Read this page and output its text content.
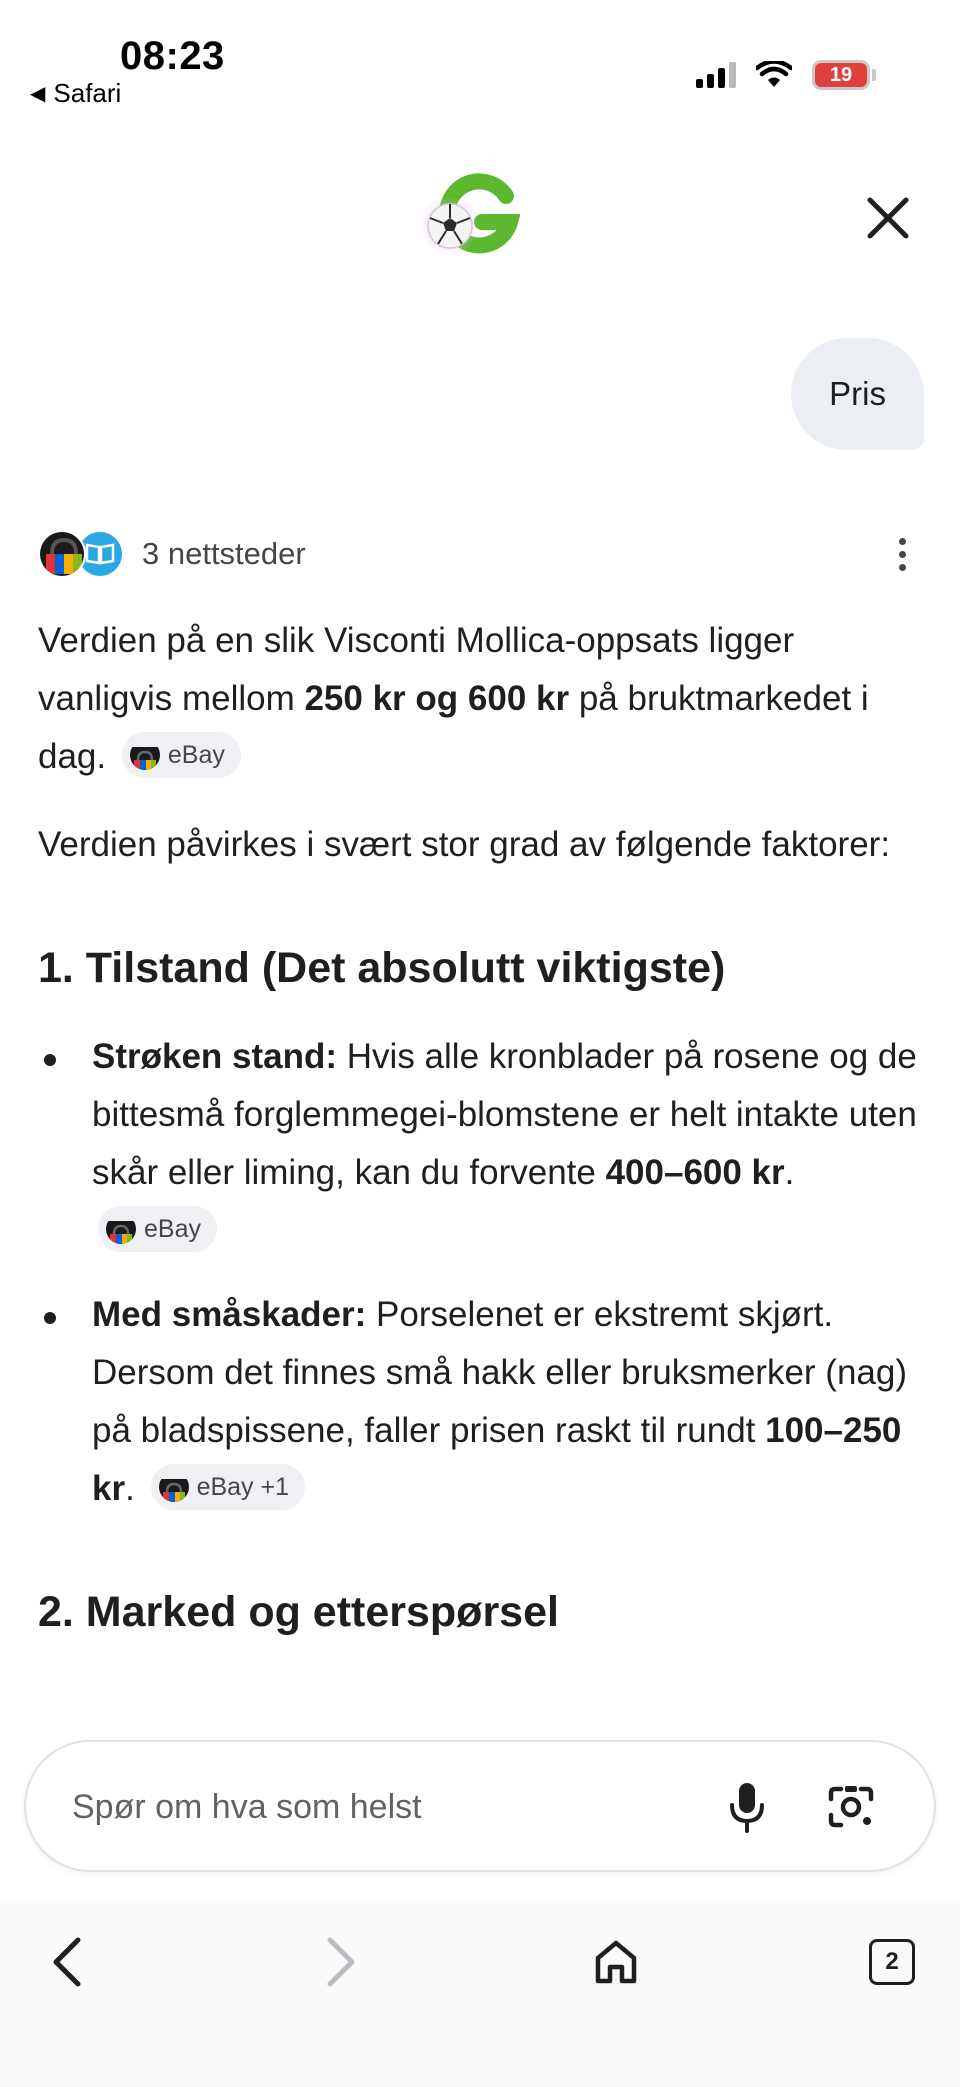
08:23
◀ Safari
19
Pris
3 nettsteder

Verdien på en slik Visconti Mollica-oppsats ligger vanligvis mellom 250 kr og 600 kr på bruktmarkedet i dag. eBay

Verdien påvirkes i svært stor grad av følgende faktorer:

1. Tilstand (Det absolutt viktigste)
Strøken stand: Hvis alle kronblader på rosene og de bittesmå forglemmegei-blomstene er helt intakte uten skår eller liming, kan du forvente 400–600 kr.
eBay
Med småskader: Porselenet er ekstremt skjørt. Dersom det finnes små hakk eller bruksmerker (nag) på bladspissene, faller prisen raskt til rundt 100–250 kr. eBay +1
2. Marked og etterspørsel
Spør om hva som helst
2
